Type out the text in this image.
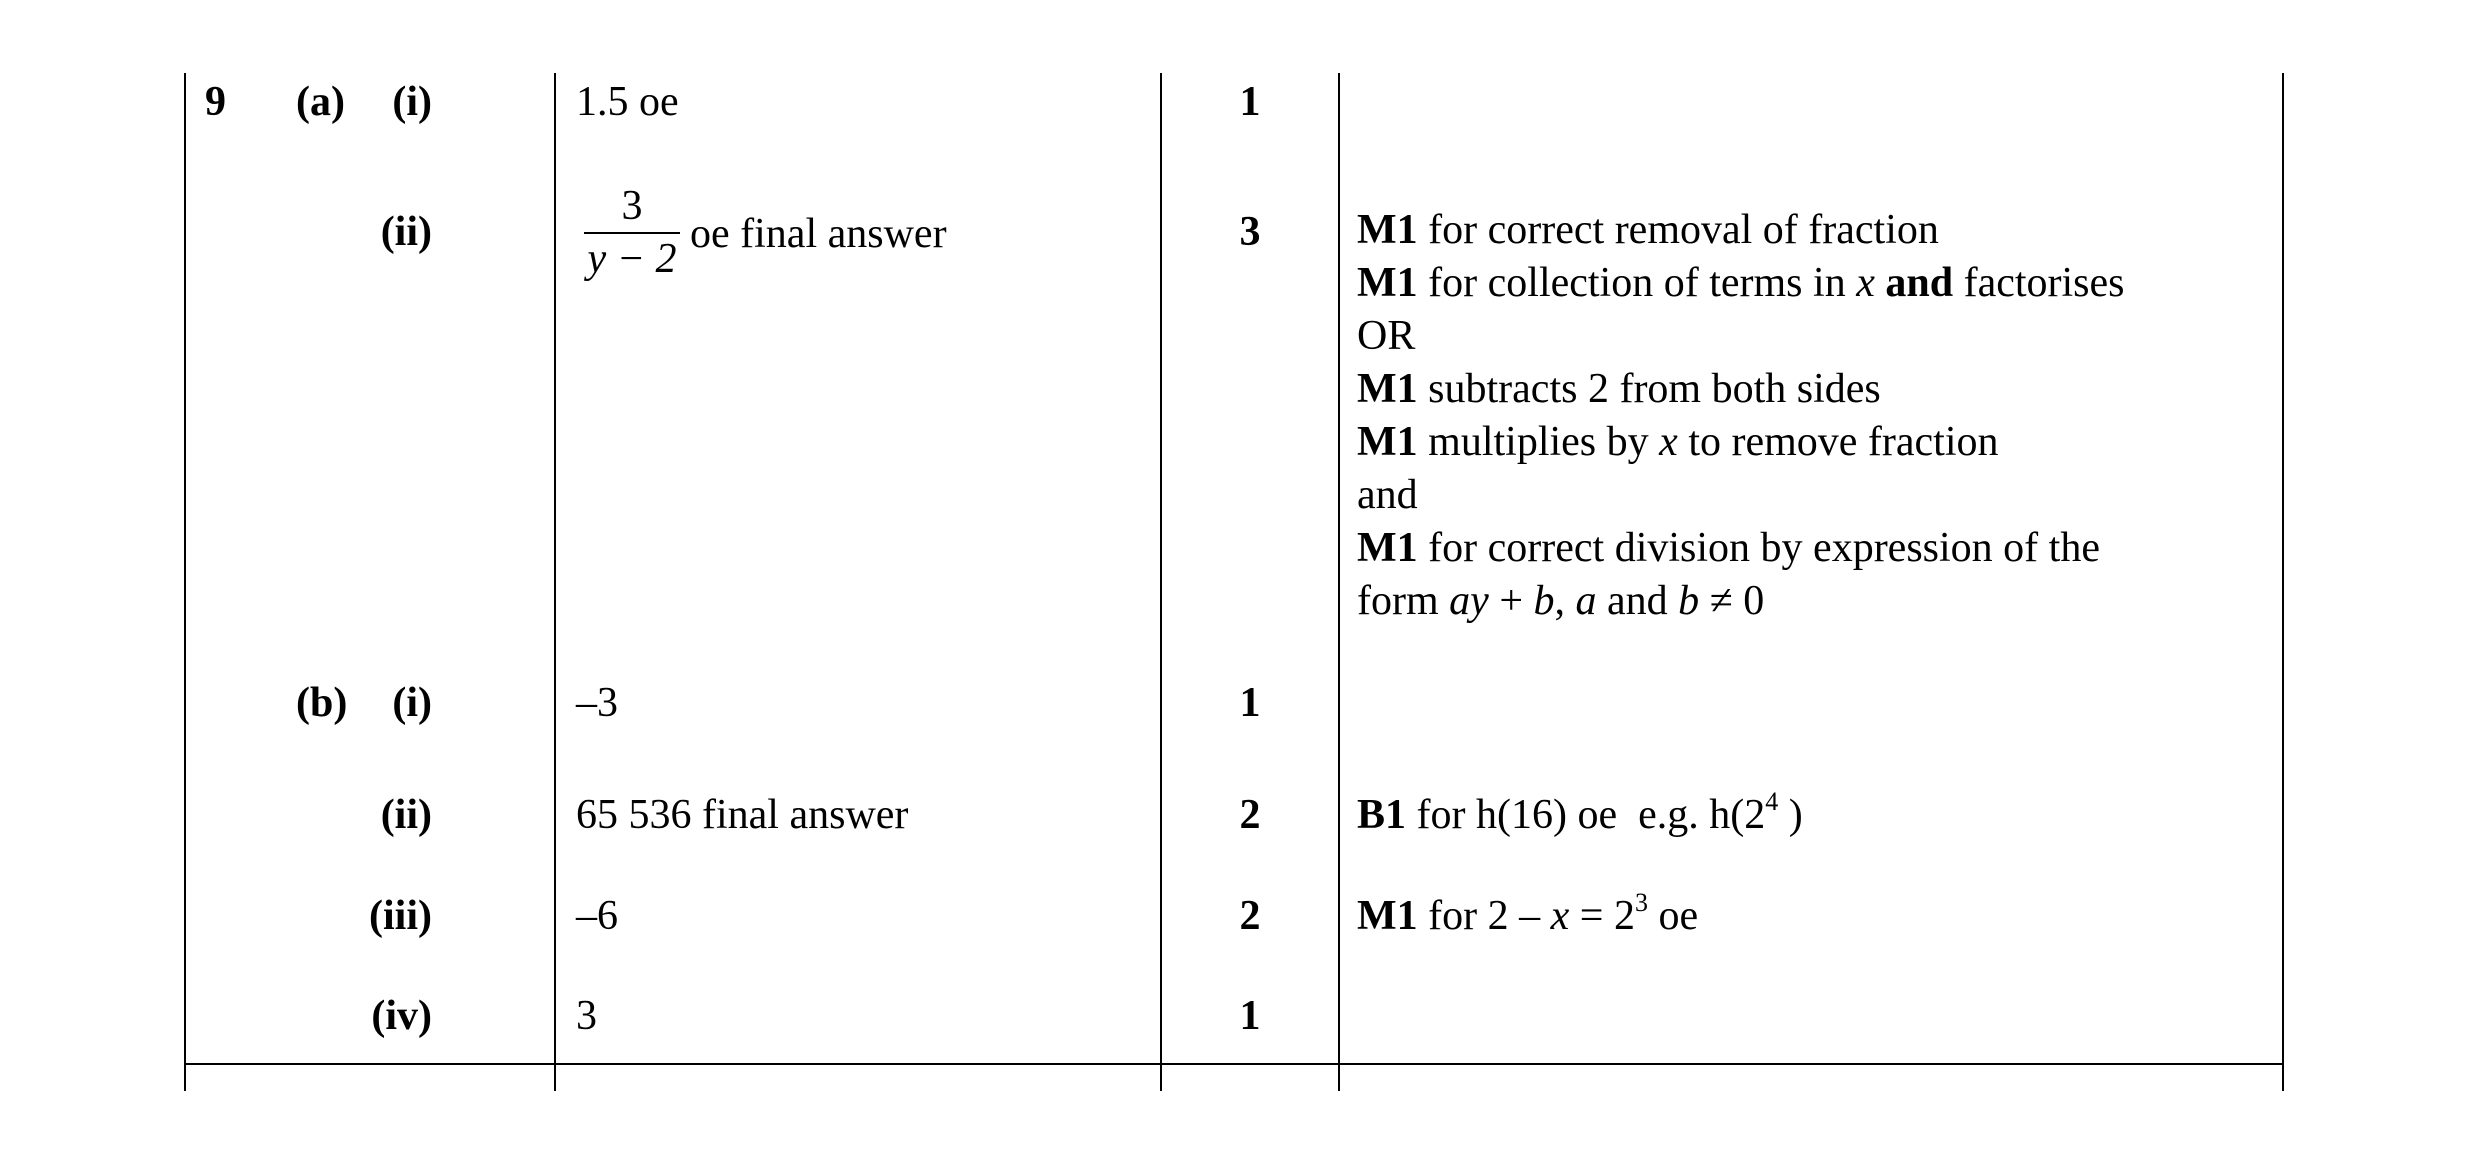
9 (a)
(b)
(i)
(ii)
(i)
(ii)
(iii)
(iv)
1.5 oe
$\frac{3}{y - 2}$ oe final answer
–3
65 536 final answer
–6
3
1
3
1
2
2
1
M1 for correct removal of fraction
M1 for collection of terms in x and factorises
OR
M1 subtracts 2 from both sides
M1 multiplies by x to remove fraction
and
M1 for correct division by expression of the
form ay + b, a and b ≠ 0
B1 for h(16) oe  e.g. $h(2^4$ )
M1 for $2 - x = 2^3$ oe
